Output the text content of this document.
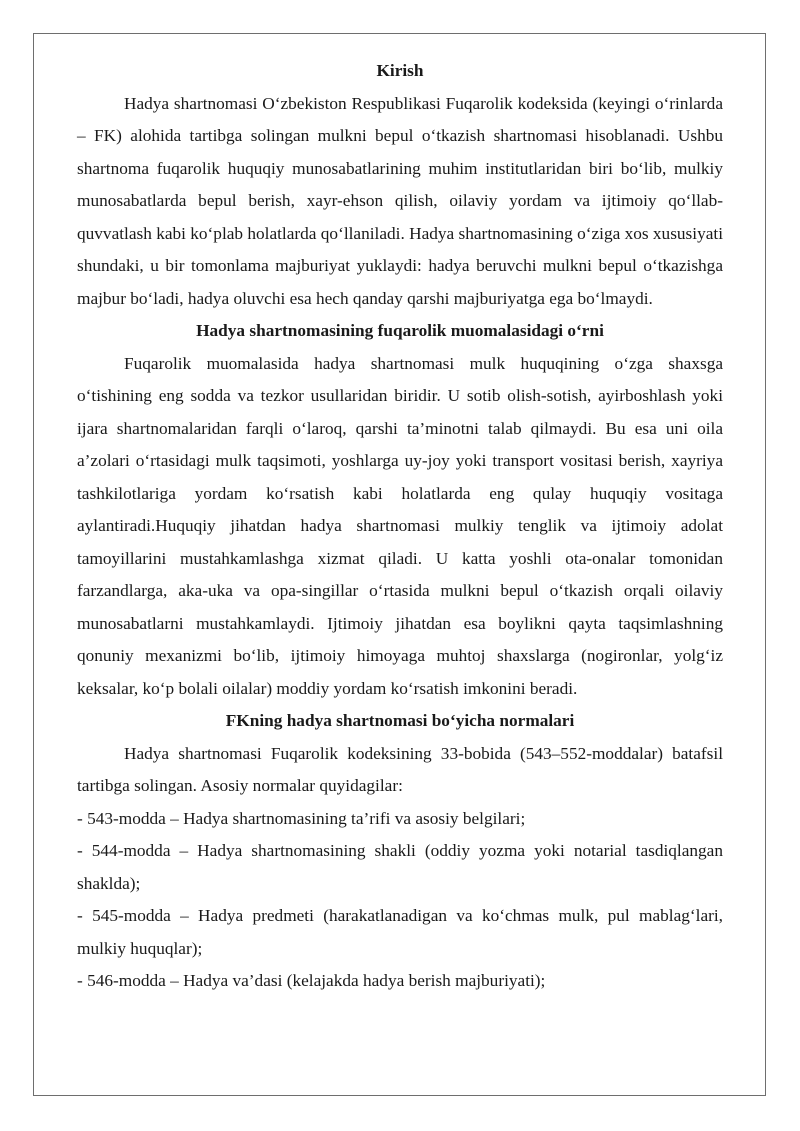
Kirish

Hadya shartnomasi O‘zbekiston Respublikasi Fuqarolik kodeksida (keyingi o‘rinlarda – FK) alohida tartibga solingan mulkni bepul o‘tkazish shartnomasi hisoblanadi. Ushbu shartnoma fuqarolik huquqiy munosabatlarining muhim institutlaridan biri bo‘lib, mulkiy munosabatlarda bepul berish, xayr-ehson qilish, oilaviy yordam va ijtimoiy qo‘llab-quvvatlash kabi ko‘plab holatlarda qo‘llaniladi. Hadya shartnomasining o‘ziga xos xususiyati shundaki, u bir tomonlama majburiyat yuklaydi: hadya beruvchi mulkni bepul o‘tkazishga majbur bo‘ladi, hadya oluvchi esa hech qanday qarshi majburiyatga ega bo‘lmaydi.

Hadya shartnomasining fuqarolik muomalasidagi o‘rni

Fuqarolik muomalasida hadya shartnomasi mulk huquqining o‘zga shaxsga o‘tishining eng sodda va tezkor usullaridan biridir. U sotib olish-sotish, ayirboshlash yoki ijara shartnomalaridan farqli o‘laroq, qarshi ta’minotni talab qilmaydi. Bu esa uni oila a’zolari o‘rtasidagi mulk taqsimoti, yoshlarga uy-joy yoki transport vositasi berish, xayriya tashkilotlariga yordam ko‘rsatish kabi holatlarda eng qulay huquqiy vositaga aylantiradi.Huquqiy jihatdan hadya shartnomasi mulkiy tenglik va ijtimoiy adolat tamoyillarini mustahkamlashga xizmat qiladi. U katta yoshli ota-onalar tomonidan farzandlarga, aka-uka va opa-singillar o‘rtasida mulkni bepul o‘tkazish orqali oilaviy munosabatlarni mustahkamlaydi. Ijtimoiy jihatdan esa boylikni qayta taqsimlashning qonuniy mexanizmi bo‘lib, ijtimoiy himoyaga muhtoj shaxslarga (nogironlar, yolg‘iz keksalar, ko‘p bolali oilalar) moddiy yordam ko‘rsatish imkonini beradi.

FKning hadya shartnomasi bo‘yicha normalari

Hadya shartnomasi Fuqarolik kodeksining 33-bobida (543–552-moddalar) batafsil tartibga solingan. Asosiy normalar quyidagilar:

- 543-modda – Hadya shartnomasining ta’rifi va asosiy belgilari;

- 544-modda – Hadya shartnomasining shakli (oddiy yozma yoki notarial tasdiqlangan shaklda);

- 545-modda – Hadya predmeti (harakatlanadigan va ko‘chmas mulk, pul mablag‘lari, mulkiy huquqlar);

- 546-modda – Hadya va’dasi (kelajakda hadya berish majburiyati);
